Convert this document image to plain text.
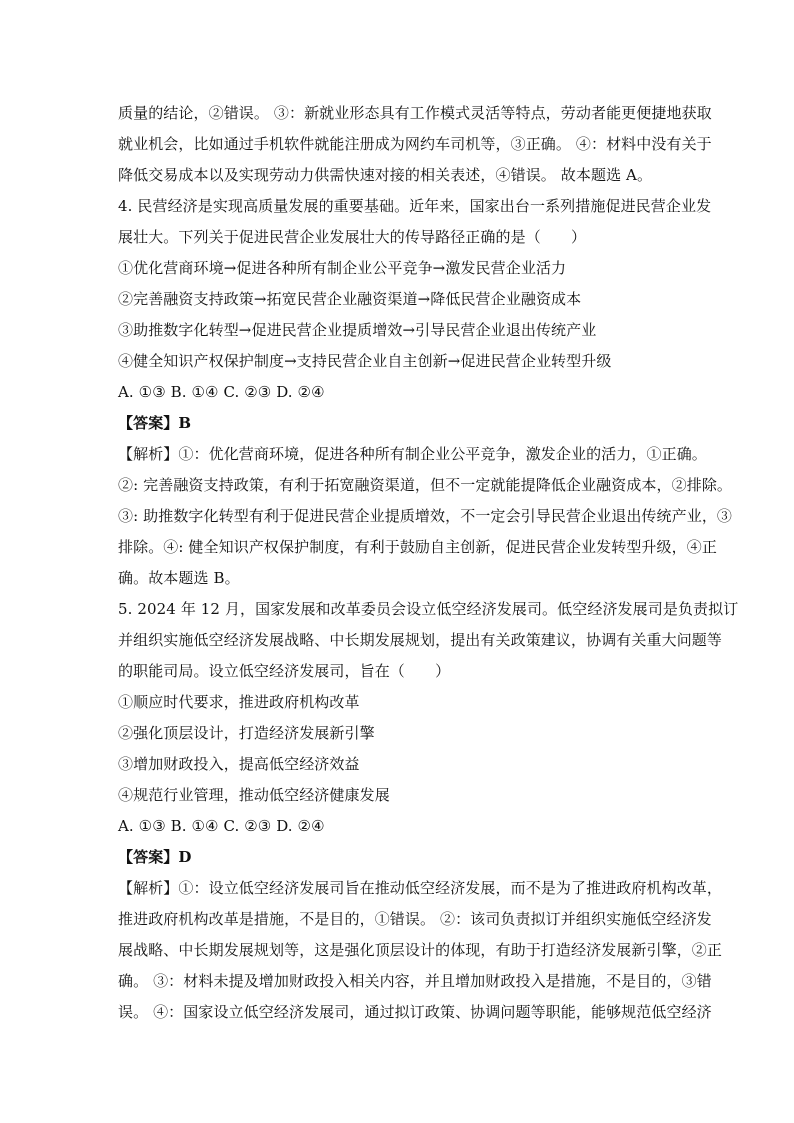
质量的结论，②错误。 ③：新就业形态具有工作模式灵活等特点，劳动者能更便捷地获取
就业机会，比如通过手机软件就能注册成为网约车司机等，③正确。 ④：材料中没有关于
降低交易成本以及实现劳动力供需快速对接的相关表述，④错误。 故本题选 A。
4. 民营经济是实现高质量发展的重要基础。近年来，国家出台一系列措施促进民营企业发
展壮大。下列关于促进民营企业发展壮大的传导路径正确的是（　　）
①优化营商环境→促进各种所有制企业公平竞争→激发民营企业活力
②完善融资支持政策→拓宽民营企业融资渠道→降低民营企业融资成本
③助推数字化转型→促进民营企业提质增效→引导民营企业退出传统产业
④健全知识产权保护制度→支持民营企业自主创新→促进民营企业转型升级
A. ①③ B. ①④ C. ②③ D. ②④
【答案】B
【解析】①：优化营商环境，促进各种所有制企业公平竞争，激发企业的活力，①正确。
②: 完善融资支持政策，有利于拓宽融资渠道，但不一定就能提降低企业融资成本，②排除。
③: 助推数字化转型有利于促进民营企业提质增效，不一定会引导民营企业退出传统产业，③
排除。④: 健全知识产权保护制度，有利于鼓励自主创新，促进民营企业发转型升级，④正
确。故本题选 B。
5. 2024 年 12 月，国家发展和改革委员会设立低空经济发展司。低空经济发展司是负责拟订
并组织实施低空经济发展战略、中长期发展规划，提出有关政策建议，协调有关重大问题等
的职能司局。设立低空经济发展司，旨在（　　）
①顺应时代要求，推进政府机构改革
②强化顶层设计，打造经济发展新引擎
③增加财政投入，提高低空经济效益
④规范行业管理，推动低空经济健康发展
A. ①③ B. ①④ C. ②③ D. ②④
【答案】D
【解析】①：设立低空经济发展司旨在推动低空经济发展，而不是为了推进政府机构改革，
推进政府机构改革是措施，不是目的，①错误。 ②：该司负责拟订并组织实施低空经济发
展战略、中长期发展规划等，这是强化顶层设计的体现，有助于打造经济发展新引擎，②正
确。 ③：材料未提及增加财政投入相关内容，并且增加财政投入是措施，不是目的，③错
误。 ④：国家设立低空经济发展司，通过拟订政策、协调问题等职能，能够规范低空经济
